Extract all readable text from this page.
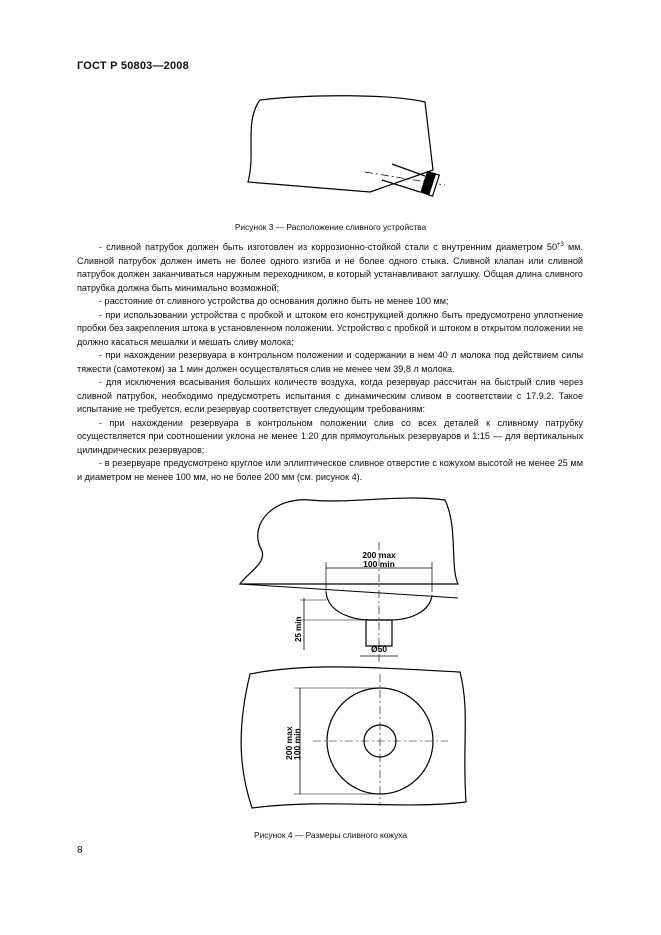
ГОСТ Р 50803—2008
Рисунок 3 — Расположение сливного устройства

- сливной патрубок должен быть изготовлен из коррозионно-стойкой стали с внутренним диаметром $50^{+3}$ мм. Сливной патрубок должен иметь не более одного изгиба и не более одного стыка. Сливной клапан или сливной патрубок должен заканчиваться наружным переходником, в который устанавливают заглушку. Общая длина сливного патрубка должна быть минимально возможной;

- расстояние от сливного устройства до основания должно быть не менее 100 мм;

- при использовании устройства с пробкой и штоком его конструкцией должно быть предусмотрено уплотнение пробки без закрепления штока в установленном положении. Устройство с пробкой и штоком в открытом положении не должно касаться мешалки и мешать сливу молока;

- при нахождении резервуара в контрольном положении и содержании в нем 40 л молока под действием силы тяжести (самотеком) за 1 мин должен осуществляться слив не менее чем 39,8 л молока.

- для исключения всасывания больших количеств воздуха, когда резервуар рассчитан на быстрый слив через сливной патрубок, необходимо предусмотреть испытания с динамическим сливом в соответствии с 17.9.2. Такое испытание не требуется, если резервуар соответствует следующим требованиям:

- при нахождении резервуара в контрольном положении слив со всех деталей к сливному патрубку осуществляется при соотношении уклона не менее 1:20 для прямоугольных резервуаров и 1:15 — для вертикальных цилиндрических резервуаров;

- в резервуаре предусмотрено круглое или эллиптическое сливное отверстие с кожухом высотой не менее 25 мм и диаметром не менее 100 мм, но не более 200 мм (см. рисунок 4).

200 max
100 min
25 min
Ø50
200 max
100 min
Рисунок 4 — Размеры сливного кожуха
8
